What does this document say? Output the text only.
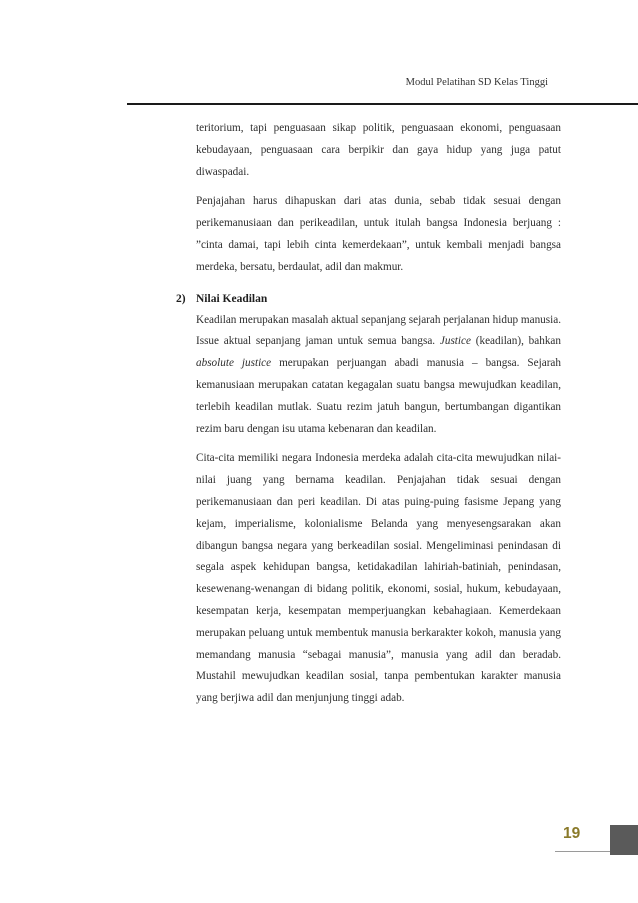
Modul Pelatihan SD Kelas Tinggi

teritorium, tapi penguasaan sikap politik, penguasaan ekonomi, penguasaan kebudayaan, penguasaan cara berpikir dan gaya hidup yang juga patut diwaspadai.

Penjajahan harus dihapuskan dari atas dunia, sebab tidak sesuai dengan perikemanusiaan dan perikeadilan, untuk itulah bangsa Indonesia berjuang : ”cinta damai, tapi lebih cinta kemerdekaan”, untuk kembali menjadi bangsa merdeka, bersatu, berdaulat, adil dan makmur.

2) Nilai Keadilan

Keadilan merupakan masalah aktual sepanjang sejarah perjalanan hidup manusia. Issue aktual sepanjang jaman untuk semua bangsa. Justice (keadilan), bahkan absolute justice merupakan perjuangan abadi manusia – bangsa. Sejarah kemanusiaan merupakan catatan kegagalan suatu bangsa mewujudkan keadilan, terlebih keadilan mutlak. Suatu rezim jatuh bangun, bertumbangan digantikan rezim baru dengan isu utama kebenaran dan keadilan.

Cita-cita memiliki negara Indonesia merdeka adalah cita-cita mewujudkan nilai-nilai juang yang bernama keadilan. Penjajahan tidak sesuai dengan perikemanusiaan dan peri keadilan. Di atas puing-puing fasisme Jepang yang kejam, imperialisme, kolonialisme Belanda yang menyesengsarakan akan dibangun bangsa negara yang berkeadilan sosial. Mengeliminasi penindasan di segala aspek kehidupan bangsa, ketidakadilan lahiriah-batiniah, penindasan, kesewenang-wenangan di bidang politik, ekonomi, sosial, hukum, kebudayaan, kesempatan kerja, kesempatan memperjuangkan kebahagiaan. Kemerdekaan merupakan peluang untuk membentuk manusia berkarakter kokoh, manusia yang memandang manusia “sebagai manusia”, manusia yang adil dan beradab. Mustahil mewujudkan keadilan sosial, tanpa pembentukan karakter manusia yang berjiwa adil dan menjunjung tinggi adab.

19
